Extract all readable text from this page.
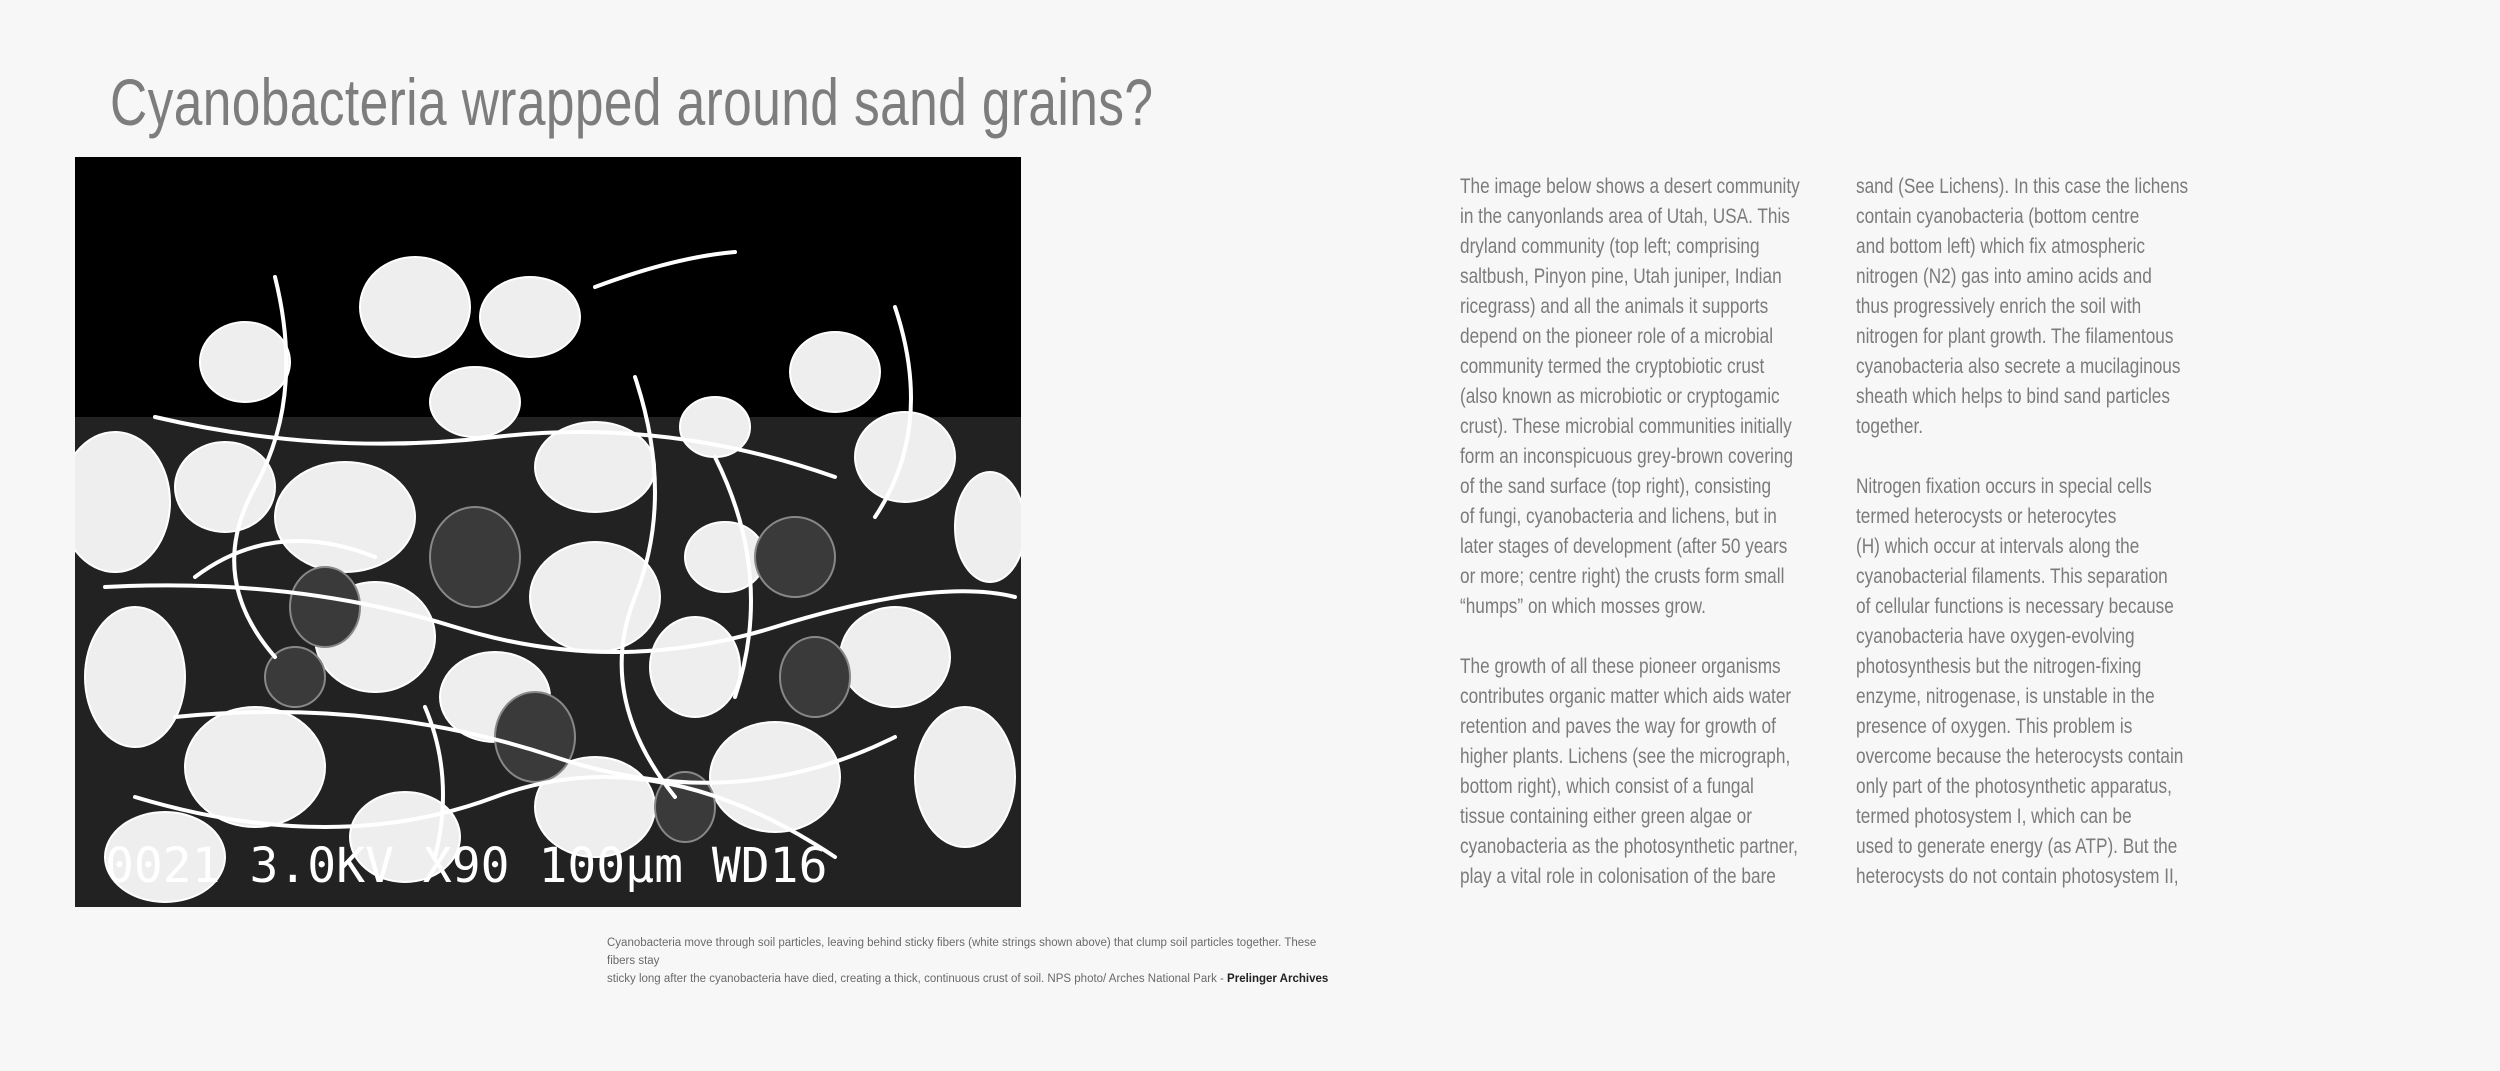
Cyanobacteria wrapped around sand grains?
0021 3.0KV X90 100µm WD16
Cyanobacteria move through soil particles, leaving behind sticky fibers (white strings shown above) that clump soil particles together. These fibers stay
sticky long after the cyanobacteria have died, creating a thick, continuous crust of soil. NPS photo/ Arches National Park - Prelinger Archives

The image below shows a desert community
in the canyonlands area of Utah, USA. This
dryland community (top left; comprising
saltbush, Pinyon pine, Utah juniper, Indian
ricegrass) and all the animals it supports
depend on the pioneer role of a microbial
community termed the cryptobiotic crust
(also known as microbiotic or cryptogamic
crust). These microbial communities initially
form an inconspicuous grey-brown covering
of the sand surface (top right), consisting
of fungi, cyanobacteria and lichens, but in
later stages of development (after 50 years
or more; centre right) the crusts form small
“humps” on which mosses grow.

The growth of all these pioneer organisms
contributes organic matter which aids water
retention and paves the way for growth of
higher plants. Lichens (see the micrograph,
bottom right), which consist of a fungal
tissue containing either green algae or
cyanobacteria as the photosynthetic partner,
play a vital role in colonisation of the bare

sand (See Lichens). In this case the lichens
contain cyanobacteria (bottom centre
and bottom left) which fix atmospheric
nitrogen (N2) gas into amino acids and
thus progressively enrich the soil with
nitrogen for plant growth. The filamentous
cyanobacteria also secrete a mucilaginous
sheath which helps to bind sand particles
together.

Nitrogen fixation occurs in special cells
termed heterocysts or heterocytes
(H) which occur at intervals along the
cyanobacterial filaments. This separation
of cellular functions is necessary because
cyanobacteria have oxygen-evolving
photosynthesis but the nitrogen-fixing
enzyme, nitrogenase, is unstable in the
presence of oxygen. This problem is
overcome because the heterocysts contain
only part of the photosynthetic apparatus,
termed photosystem I, which can be
used to generate energy (as ATP). But the
heterocysts do not contain photosystem II,
